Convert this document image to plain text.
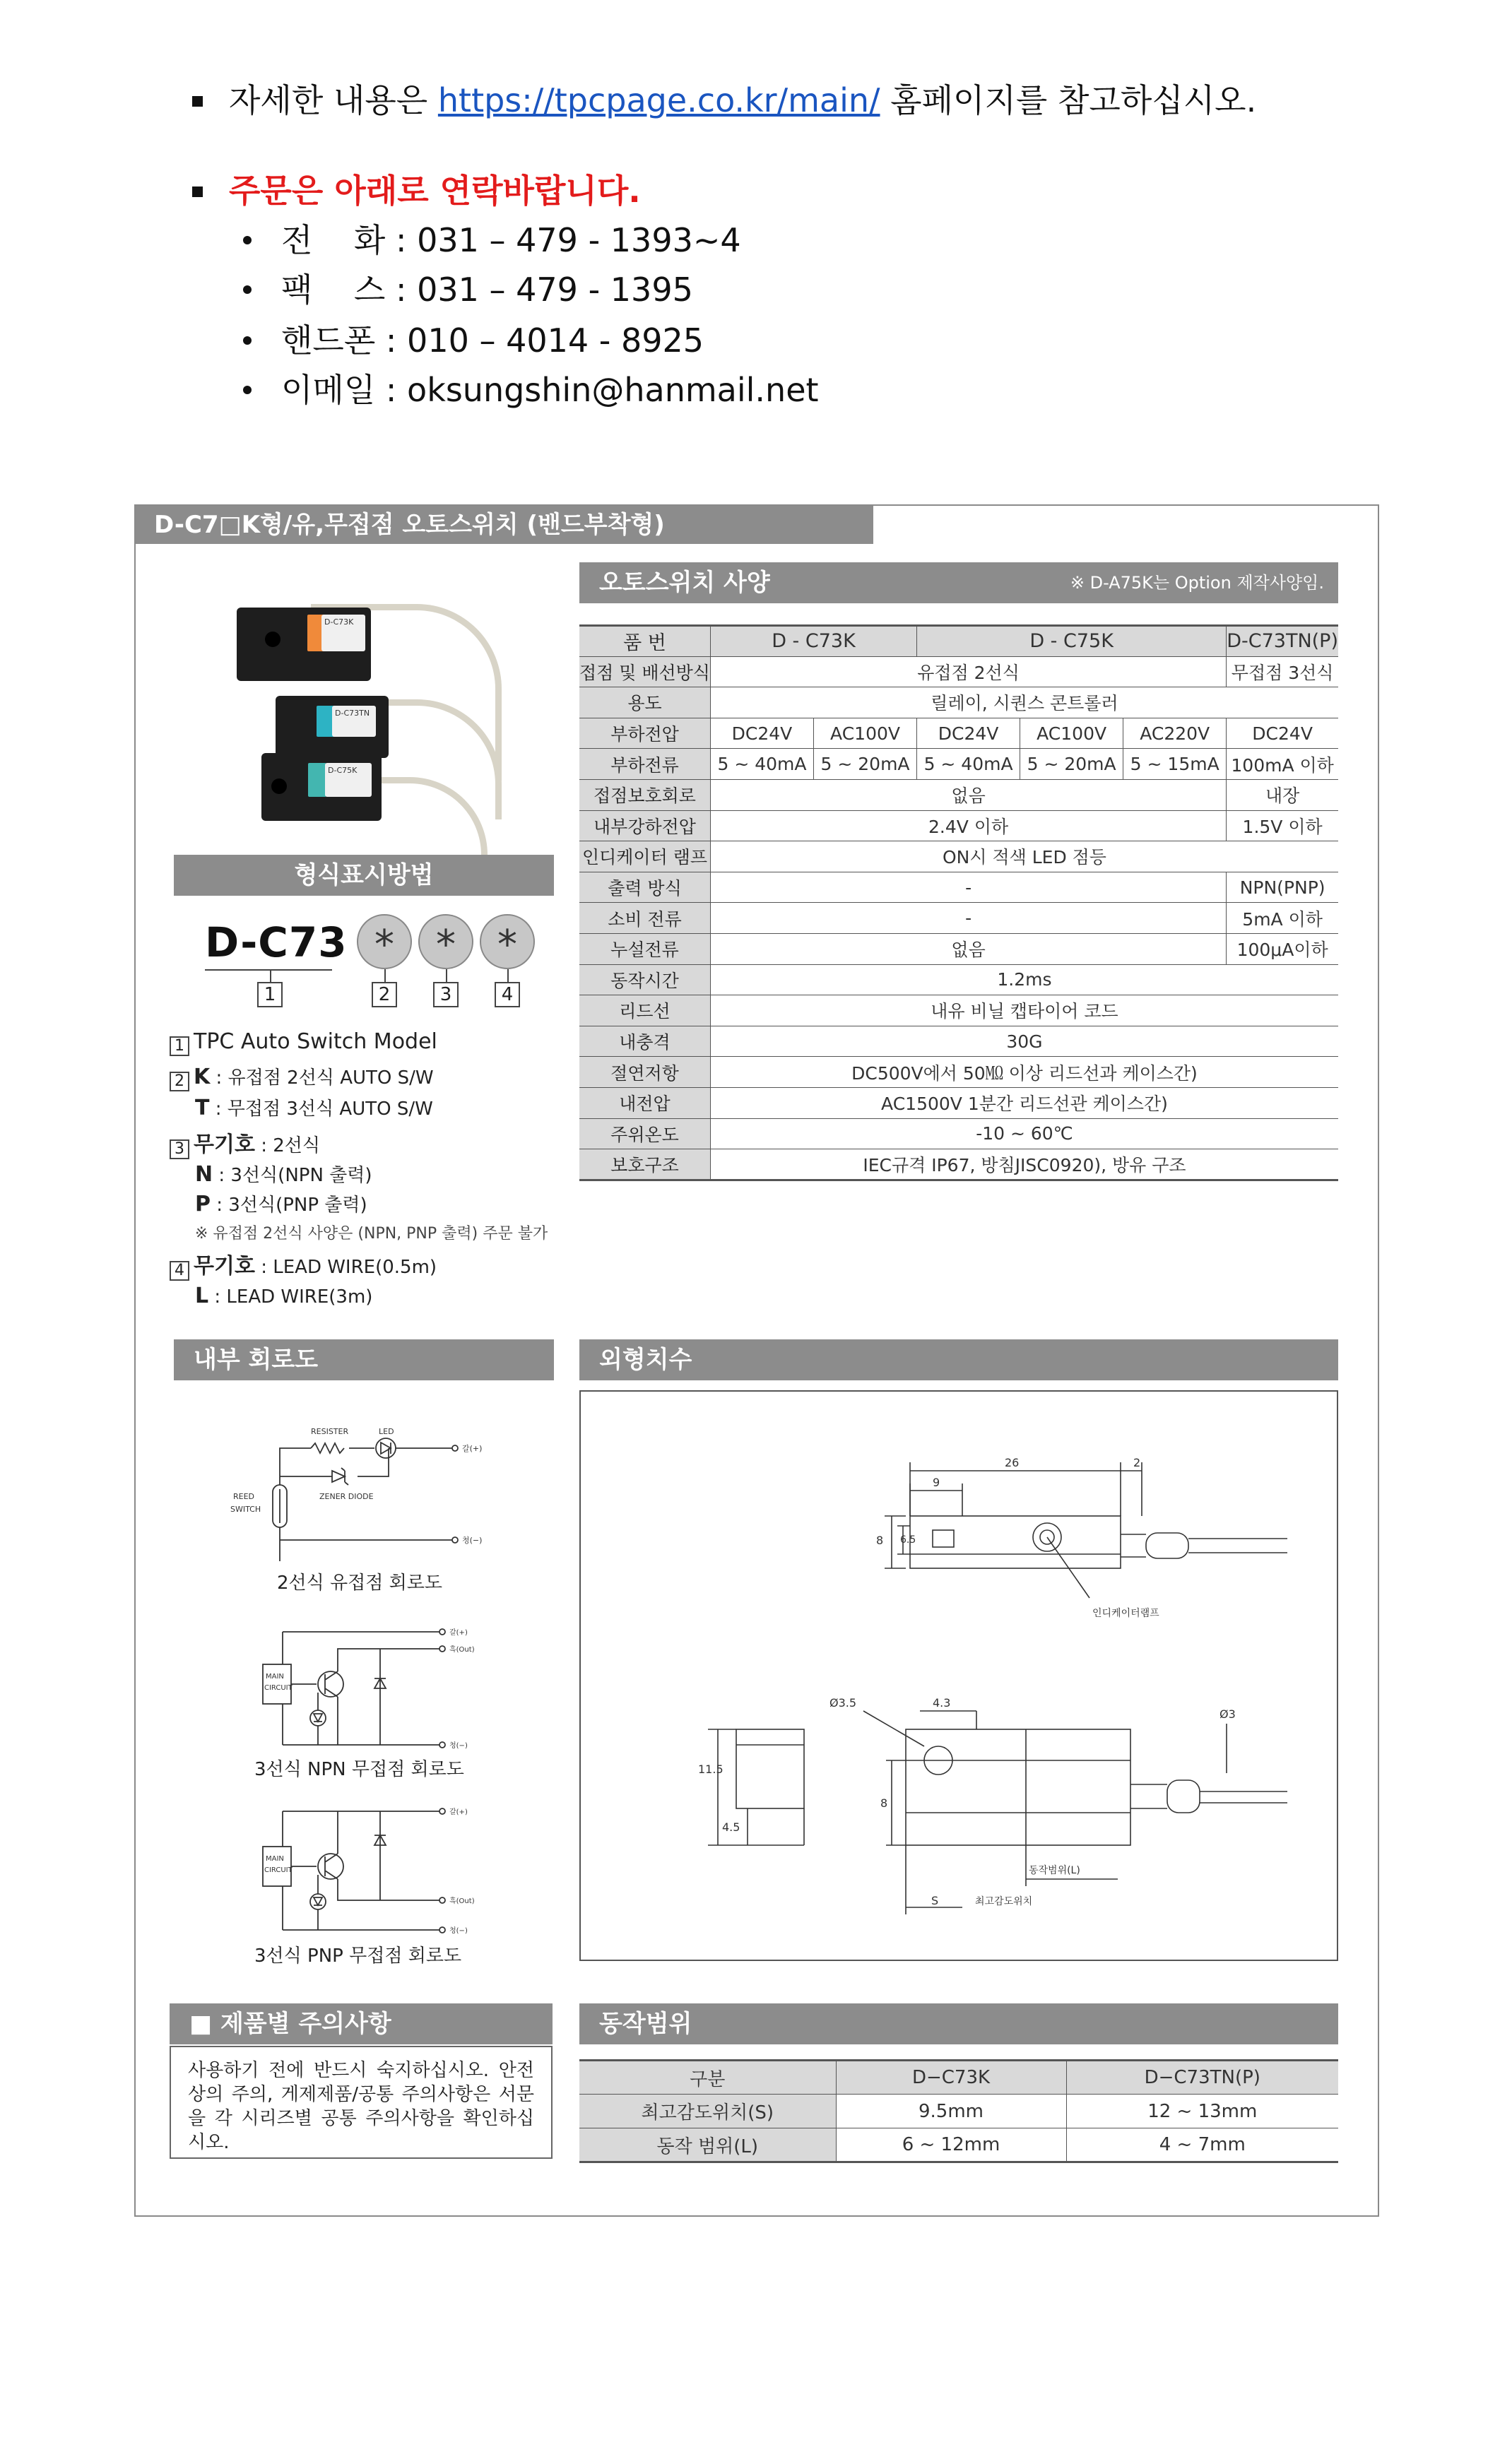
자세한 내용은 https://tpcpage.co.kr/main/ 홈페이지를 참고하십시오.
주문은 아래로 연락바랍니다.
전    화 : 031 – 479 - 1393~4
팩    스 : 031 – 479 - 1395
핸드폰 : 010 – 4014 - 8925
이메일 : oksungshin@hanmail.net
D-C7□K형/유,무접점 오토스위치 (밴드부착형)
D-C73K
D-C73TN
D-C75K
형식표시방법
D-C73 *	*	*
1	2	3	4
1 TPC Auto Switch Model
2 K : 유접점 2선식 AUTO S/W
T : 무접점 3선식 AUTO S/W
3 무기호 : 2선식
N : 3선식(NPN 출력)
P : 3선식(PNP 출력)
※ 유접점 2선식 사양은 (NPN, PNP 출력) 주문 불가
4 무기호 : LEAD WIRE(0.5m)
L : LEAD WIRE(3m)
오토스위치 사양	※ D-A75K는 Option 제작사양임.
품 번	D - C73K		D - C75K			D-C73TN(P)
접점 및 배선방식	유접점 2선식					무접점 3선식
용도	릴레이, 시퀀스 콘트롤러					
부하전압	DC24V	AC100V	DC24V	AC100V	AC220V	DC24V
부하전류	5 ~ 40mA	5 ~ 20mA	5 ~ 40mA	5 ~ 20mA	5 ~ 15mA	100mA 이하
접점보호회로	없음					내장
내부강하전압	2.4V 이하					1.5V 이하
인디케이터 램프	ON시 적색 LED 점등					
출력 방식	-					NPN(PNP)
소비 전류	-					5mA 이하
누설전류	없음					100μA이하
동작시간	1.2ms					
리드선	내유 비닐 캡타이어 코드					
내충격	30G					
절연저항	DC500V에서 50㏁ 이상 리드선과 케이스간)					
내전압	AC1500V 1분간 리드선관 케이스간)					
주위온도	-10 ~ 60℃					
보호구조	IEC규격 IP67, 방침JISC0920), 방유 구조					
내부 회로도
RESISTER	LED
REED
SWITCH
ZENER DIODE
갈(+)
청(−)
2선식 유접점 회로도
MAIN
CIRCUIT
갈(+)
흑(Out)
청(−)
3선식 NPN 무접점 회로도
MAIN
CIRCUIT
갈(+)
흑(Out)
청(−)
3선식 PNP 무접점 회로도
외형치수
26	2
9
8 6.5
Ø3.5	4.3
Ø3
11.5
4.5
8
S
인디케이터램프
동작범위(L)
최고감도위치
■ 제품별 주의사항
사용하기 전에 반드시 숙지하십시오. 안전상의 주의, 게제제품/공통 주의사항은 서문을 각 시리즈별 공통 주의사항을 확인하십시오.
동작범위
구분	D−C73K	D−C73TN(P)
최고감도위치(S)	9.5mm	12 ~ 13mm
동작 범위(L)	6 ~ 12mm	4 ~ 7mm
